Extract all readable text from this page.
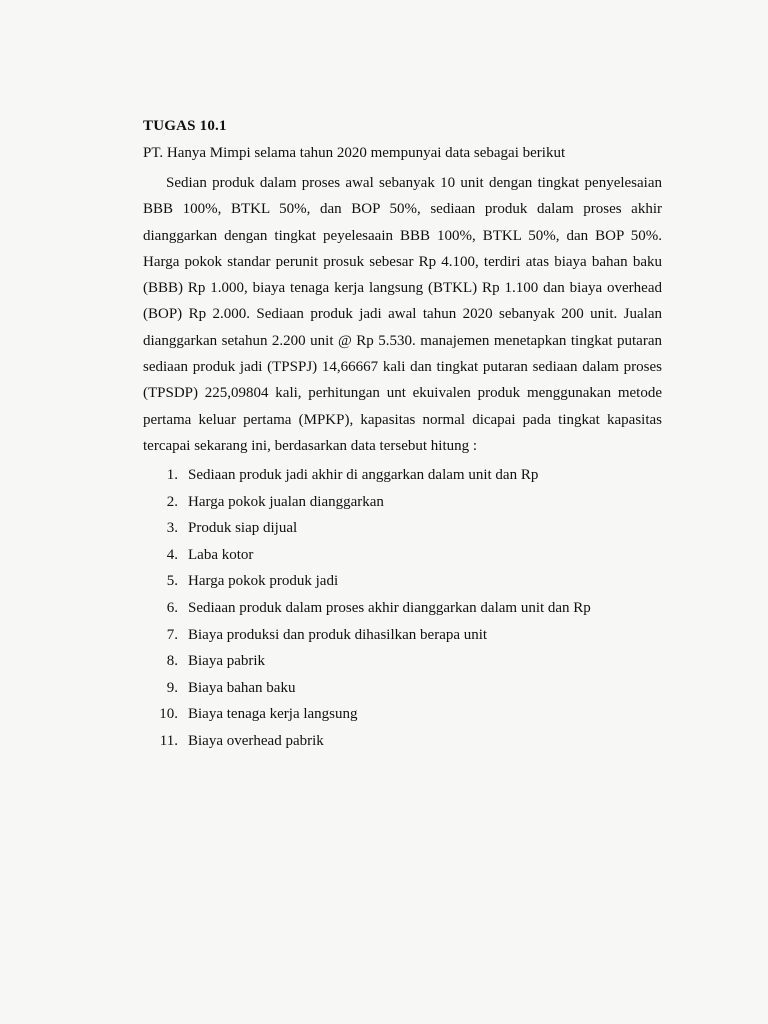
TUGAS 10.1
PT. Hanya Mimpi selama tahun 2020 mempunyai data sebagai berikut
Sedian produk dalam proses awal sebanyak 10 unit dengan tingkat penyelesaian
BBB 100%, BTKL 50%, dan BOP 50%, sediaan produk dalam proses akhir
dianggarkan dengan tingkat peyelesaain BBB 100%, BTKL 50%, dan BOP 50%.
Harga pokok standar perunit prosuk sebesar Rp 4.100, terdiri atas biaya bahan baku
(BBB) Rp 1.000, biaya tenaga kerja langsung (BTKL) Rp 1.100 dan biaya overhead
(BOP) Rp 2.000. Sediaan produk jadi awal tahun 2020 sebanyak 200 unit. Jualan
dianggarkan setahun 2.200 unit @ Rp 5.530. manajemen menetapkan tingkat putaran
sediaan produk jadi (TPSPJ) 14,66667 kali dan tingkat putaran sediaan dalam proses
(TPSDP) 225,09804 kali, perhitungan unt ekuivalen produk menggunakan metode
pertama keluar pertama (MPKP), kapasitas normal dicapai pada tingkat kapasitas
tercapai sekarang ini, berdasarkan data tersebut hitung :
1. Sediaan produk jadi akhir di anggarkan dalam unit dan Rp
2. Harga pokok jualan dianggarkan
3. Produk siap dijual
4. Laba kotor
5. Harga pokok produk jadi
6. Sediaan produk dalam proses akhir dianggarkan dalam unit dan Rp
7. Biaya produksi dan produk dihasilkan berapa unit
8. Biaya pabrik
9. Biaya bahan baku
10. Biaya tenaga kerja langsung
11. Biaya overhead pabrik
